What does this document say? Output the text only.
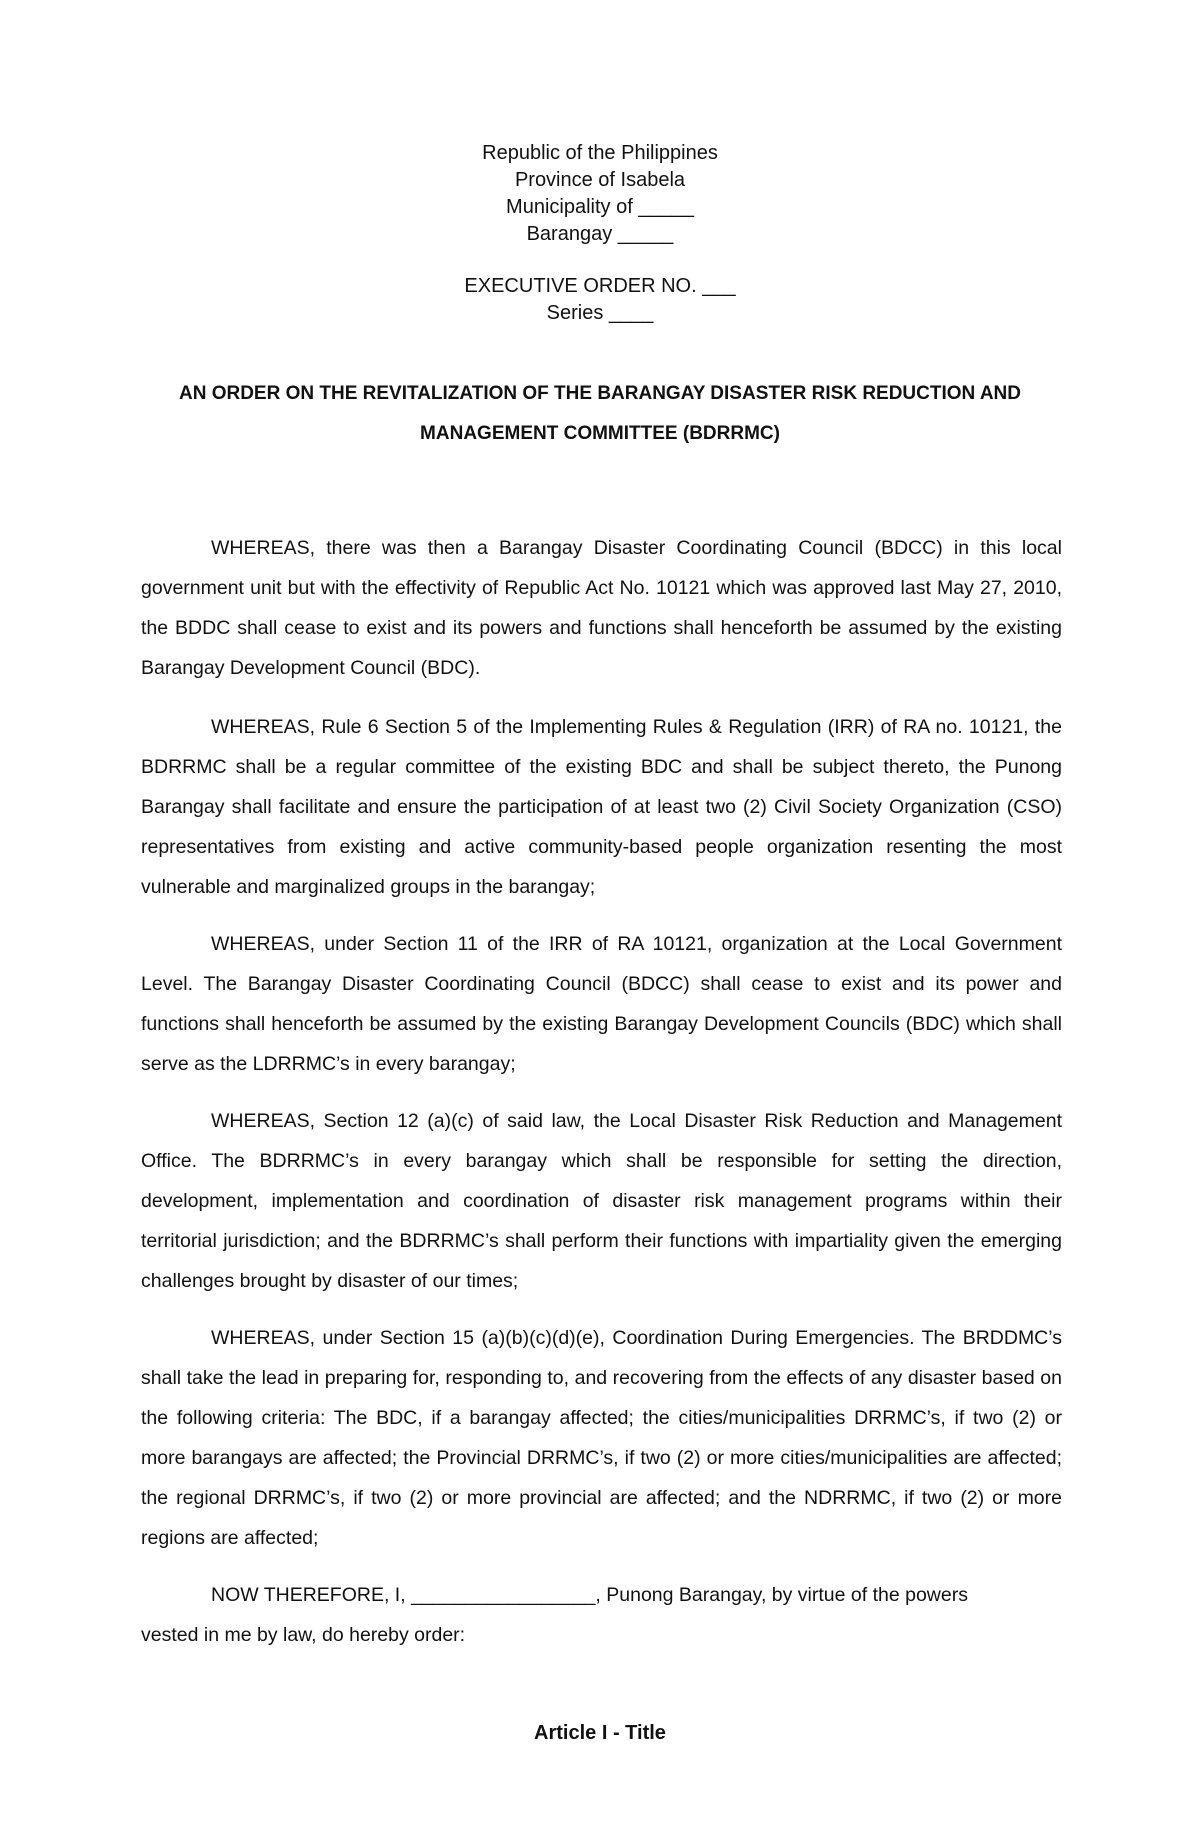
Republic of the Philippines
Province of Isabela
Municipality of _____
Barangay _____
EXECUTIVE ORDER NO. ___
Series ____
AN ORDER ON THE REVITALIZATION OF THE BARANGAY DISASTER RISK REDUCTION AND
MANAGEMENT COMMITTEE (BDRRMC)

WHEREAS, there was then a Barangay Disaster Coordinating Council (BDCC) in this local government unit but with the effectivity of Republic Act No. 10121 which was approved last May 27, 2010, the BDDC shall cease to exist and its powers and functions shall henceforth be assumed by the existing Barangay Development Council (BDC).

WHEREAS, Rule 6 Section 5 of the Implementing Rules & Regulation (IRR) of RA no. 10121, the BDRRMC shall be a regular committee of the existing BDC and shall be subject thereto, the Punong Barangay shall facilitate and ensure the participation of at least two (2) Civil Society Organization (CSO) representatives from existing and active community-based people organization resenting the most vulnerable and marginalized groups in the barangay;

WHEREAS, under Section 11 of the IRR of RA 10121, organization at the Local Government Level. The Barangay Disaster Coordinating Council (BDCC) shall cease to exist and its power and functions shall henceforth be assumed by the existing Barangay Development Councils (BDC) which shall serve as the LDRRMC’s in every barangay;

WHEREAS, Section 12 (a)(c) of said law, the Local Disaster Risk Reduction and Management Office. The BDRRMC’s in every barangay which shall be responsible for setting the direction, development, implementation and coordination of disaster risk management programs within their territorial jurisdiction; and the BDRRMC’s shall perform their functions with impartiality given the emerging challenges brought by disaster of our times;

WHEREAS, under Section 15 (a)(b)(c)(d)(e), Coordination During Emergencies. The BRDDMC’s shall take the lead in preparing for, responding to, and recovering from the effects of any disaster based on the following criteria: The BDC, if a barangay affected; the cities/municipalities DRRMC’s, if two (2) or more barangays are affected; the Provincial DRRMC’s, if two (2) or more cities/municipalities are affected; the regional DRRMC’s, if two (2) or more provincial are affected; and the NDRRMC, if two (2) or more regions are affected;

NOW THEREFORE, I, _________________, Punong Barangay, by virtue of the powers
vested in me by law, do hereby order:
Article I - Title
